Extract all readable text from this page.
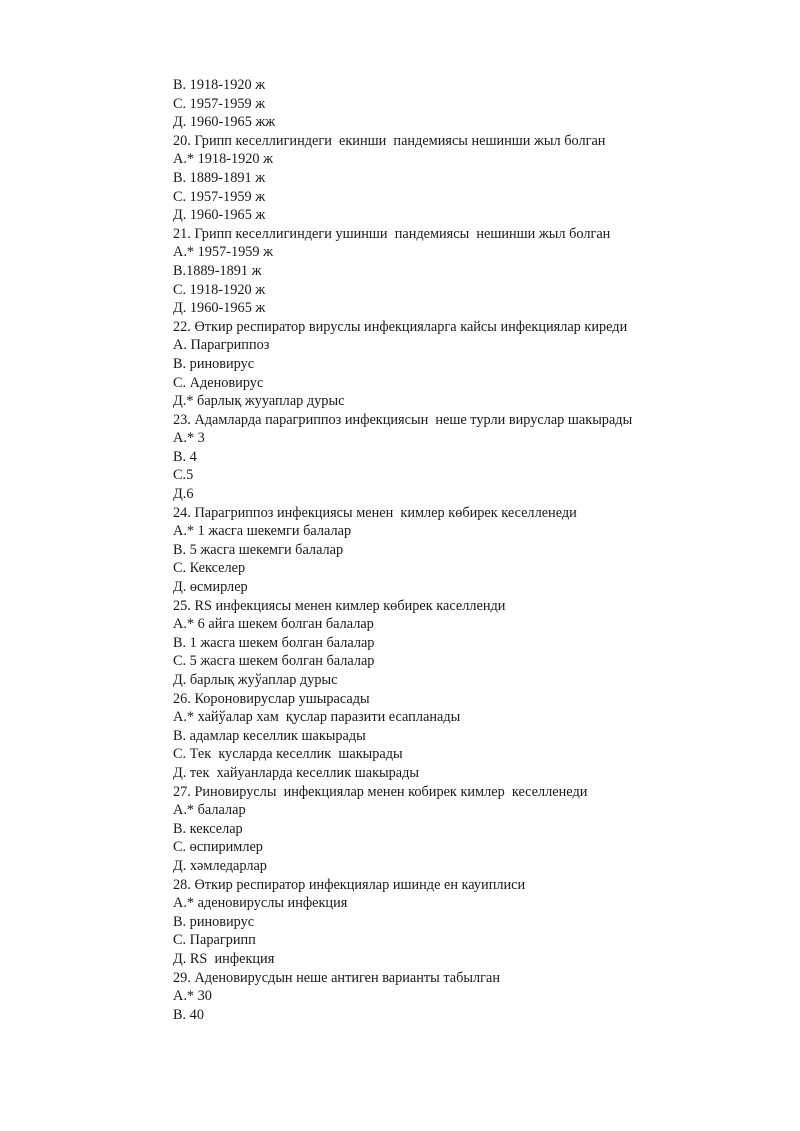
В. 1918-1920 ж
С. 1957-1959 ж
Д. 1960-1965 жж
20. Грипп кеселлигиндеги  екинши  пандемиясы нешинши жыл болган
А.* 1918-1920 ж
В. 1889-1891 ж
С. 1957-1959 ж
Д. 1960-1965 ж
21. Грипп кеселлигиндеги ушинши  пандемиясы  нешинши жыл болган
А.* 1957-1959 ж
В.1889-1891 ж
С. 1918-1920 ж
Д. 1960-1965 ж
22. Өткир респиратор вируслы инфекцияларга кайсы инфекциялар киреди
А. Парагриппоз
В. риновирус
С. Аденовирус
Д.* барлық жууаплар дурыс
23. Адамларда парагриппоз инфекциясын  неше турли вируслар шакырады
А.* 3
В. 4
С.5
Д.6
24. Парагриппоз инфекциясы менен  кимлер көбирек кеселленеди
А.* 1 жасга шекемги балалар
В. 5 жасга шекемги балалар
С. Кекселер
Д. өсмирлер
25. RS инфекциясы менен кимлер көбирек каселленди
А.* 6 айга шекем болган балалар
В. 1 жасга шекем болган балалар
С. 5 жасга шекем болган балалар
Д. барлық жуўаплар дурыс
26. Короновируслар ушырасады
А.* хайўалар хам  қуслар паразити есапланады
В. адамлар кеселлик шакырады
С. Тек  кусларда кеселлик  шакырады
Д. тек  хайуанларда кеселлик шакырады
27. Риновируслы  инфекциялар менен кобирек кимлер  кеселленеди
А.* балалар
В. кекселар
С. өспиримлер
Д. хәмледарлар
28. Өткир респиратор инфекциялар ишинде ен кауиплиси
А.* аденовируслы инфекция
В. риновирус
С. Парагрипп
Д. RS  инфекция
29. Аденовирусдын неше антиген варианты табылган
А.* 30
В. 40
